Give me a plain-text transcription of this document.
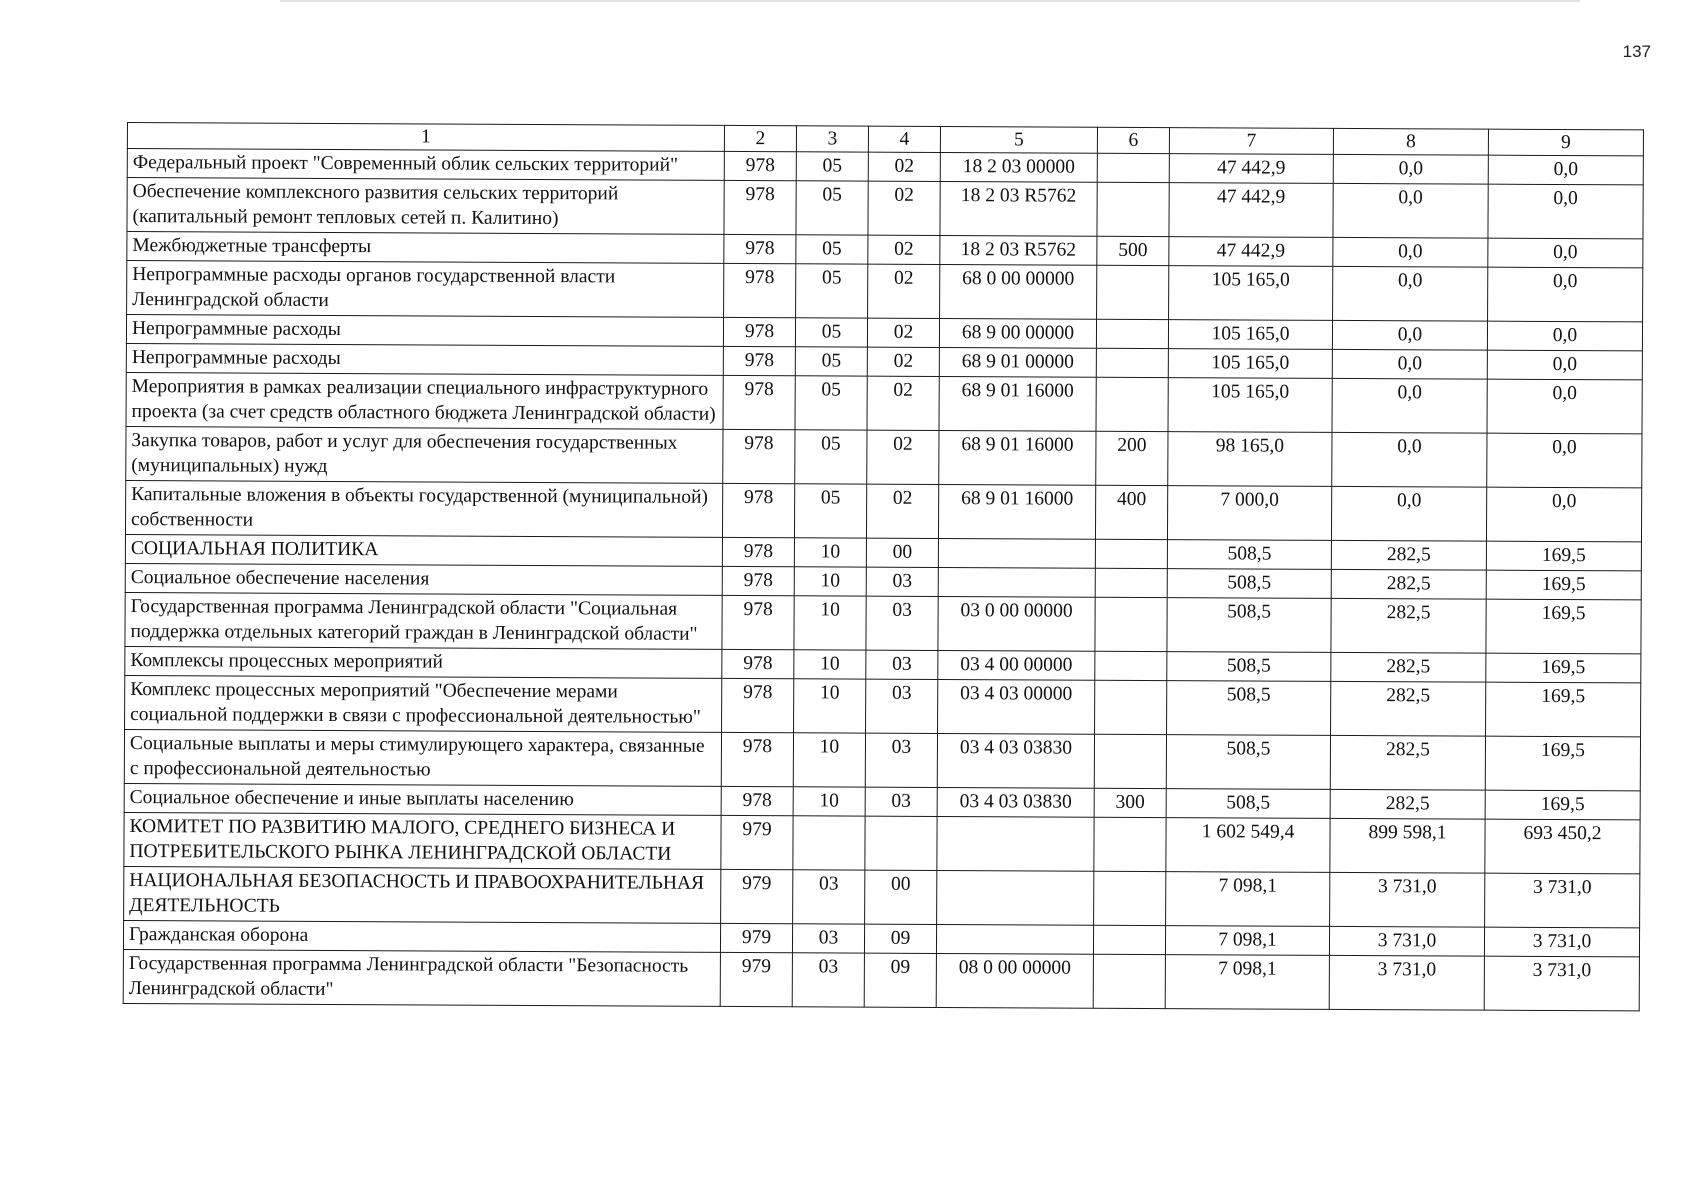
137
1	2	3	4	5	6	7	8	9
Федеральный проект "Современный облик сельских территорий"	978	05	02	18 2 03 00000		47 442,9	0,0	0,0
Обеспечение комплексного развития сельских территорий (капитальный ремонт тепловых сетей п. Калитино)	978	05	02	18 2 03 R5762		47 442,9	0,0	0,0
Межбюджетные трансферты	978	05	02	18 2 03 R5762	500	47 442,9	0,0	0,0
Непрограммные расходы органов государственной власти Ленинградской области	978	05	02	68 0 00 00000		105 165,0	0,0	0,0
Непрограммные расходы	978	05	02	68 9 00 00000		105 165,0	0,0	0,0
Непрограммные расходы	978	05	02	68 9 01 00000		105 165,0	0,0	0,0
Мероприятия в рамках реализации специального инфраструктурного проекта (за счет средств областного бюджета Ленинградской области)	978	05	02	68 9 01 16000		105 165,0	0,0	0,0
Закупка товаров, работ и услуг для обеспечения государственных (муниципальных) нужд	978	05	02	68 9 01 16000	200	98 165,0	0,0	0,0
Капитальные вложения в объекты государственной (муниципальной) собственности	978	05	02	68 9 01 16000	400	7 000,0	0,0	0,0
СОЦИАЛЬНАЯ ПОЛИТИКА	978	10	00			508,5	282,5	169,5
Социальное обеспечение населения	978	10	03			508,5	282,5	169,5
Государственная программа Ленинградской области "Социальная поддержка отдельных категорий граждан в Ленинградской области"	978	10	03	03 0 00 00000		508,5	282,5	169,5
Комплексы процессных мероприятий	978	10	03	03 4 00 00000		508,5	282,5	169,5
Комплекс процессных мероприятий "Обеспечение мерами социальной поддержки в связи с профессиональной деятельностью"	978	10	03	03 4 03 00000		508,5	282,5	169,5
Социальные выплаты и меры стимулирующего характера, связанные с профессиональной деятельностью	978	10	03	03 4 03 03830		508,5	282,5	169,5
Социальное обеспечение и иные выплаты населению	978	10	03	03 4 03 03830	300	508,5	282,5	169,5
КОМИТЕТ ПО РАЗВИТИЮ МАЛОГО, СРЕДНЕГО БИЗНЕСА И ПОТРЕБИТЕЛЬСКОГО РЫНКА ЛЕНИНГРАДСКОЙ ОБЛАСТИ	979					1 602 549,4	899 598,1	693 450,2
НАЦИОНАЛЬНАЯ БЕЗОПАСНОСТЬ И ПРАВООХРАНИТЕЛЬНАЯ ДЕЯТЕЛЬНОСТЬ	979	03	00			7 098,1	3 731,0	3 731,0
Гражданская оборона	979	03	09			7 098,1	3 731,0	3 731,0
Государственная программа Ленинградской области "Безопасность Ленинградской области"	979	03	09	08 0 00 00000		7 098,1	3 731,0	3 731,0
